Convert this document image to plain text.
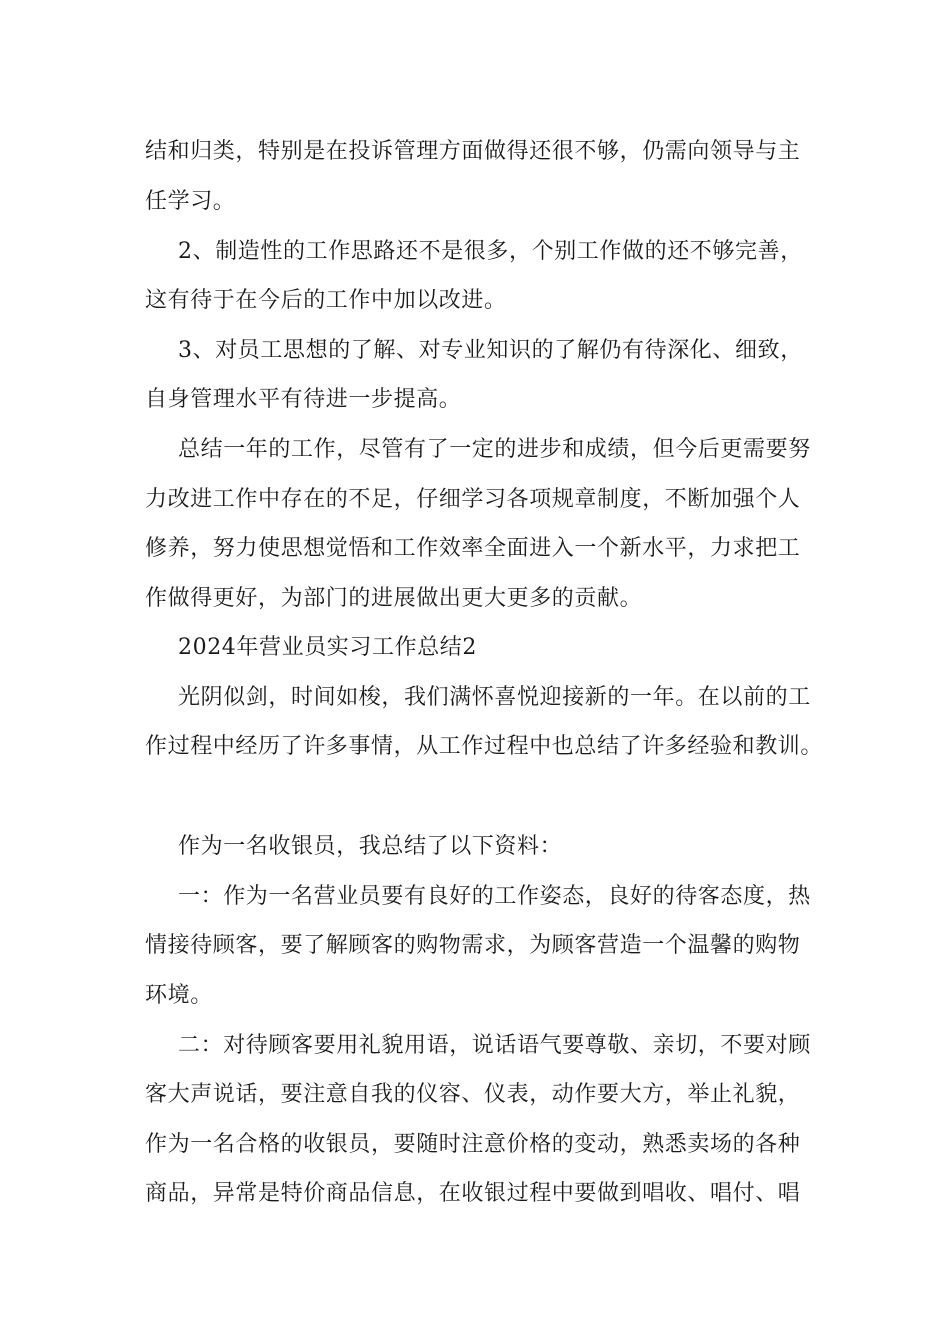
结和归类，特别是在投诉管理方面做得还很不够，仍需向领导与主
任学习。
2、制造性的工作思路还不是很多，个别工作做的还不够完善，
这有待于在今后的工作中加以改进。
3、对员工思想的了解、对专业知识的了解仍有待深化、细致，
自身管理水平有待进一步提高。
总结一年的工作，尽管有了一定的进步和成绩，但今后更需要努
力改进工作中存在的不足，仔细学习各项规章制度，不断加强个人
修养，努力使思想觉悟和工作效率全面进入一个新水平，力求把工
作做得更好，为部门的进展做出更大更多的贡献。
2024年营业员实习工作总结2
光阴似剑，时间如梭，我们满怀喜悦迎接新的一年。在以前的工
作过程中经历了许多事情，从工作过程中也总结了许多经验和教训。
作为一名收银员，我总结了以下资料：
一：作为一名营业员要有良好的工作姿态，良好的待客态度，热
情接待顾客，要了解顾客的购物需求，为顾客营造一个温馨的购物
环境。
二：对待顾客要用礼貌用语，说话语气要尊敬、亲切，不要对顾
客大声说话，要注意自我的仪容、仪表，动作要大方，举止礼貌，
作为一名合格的收银员，要随时注意价格的变动，熟悉卖场的各种
商品，异常是特价商品信息，在收银过程中要做到唱收、唱付、唱
